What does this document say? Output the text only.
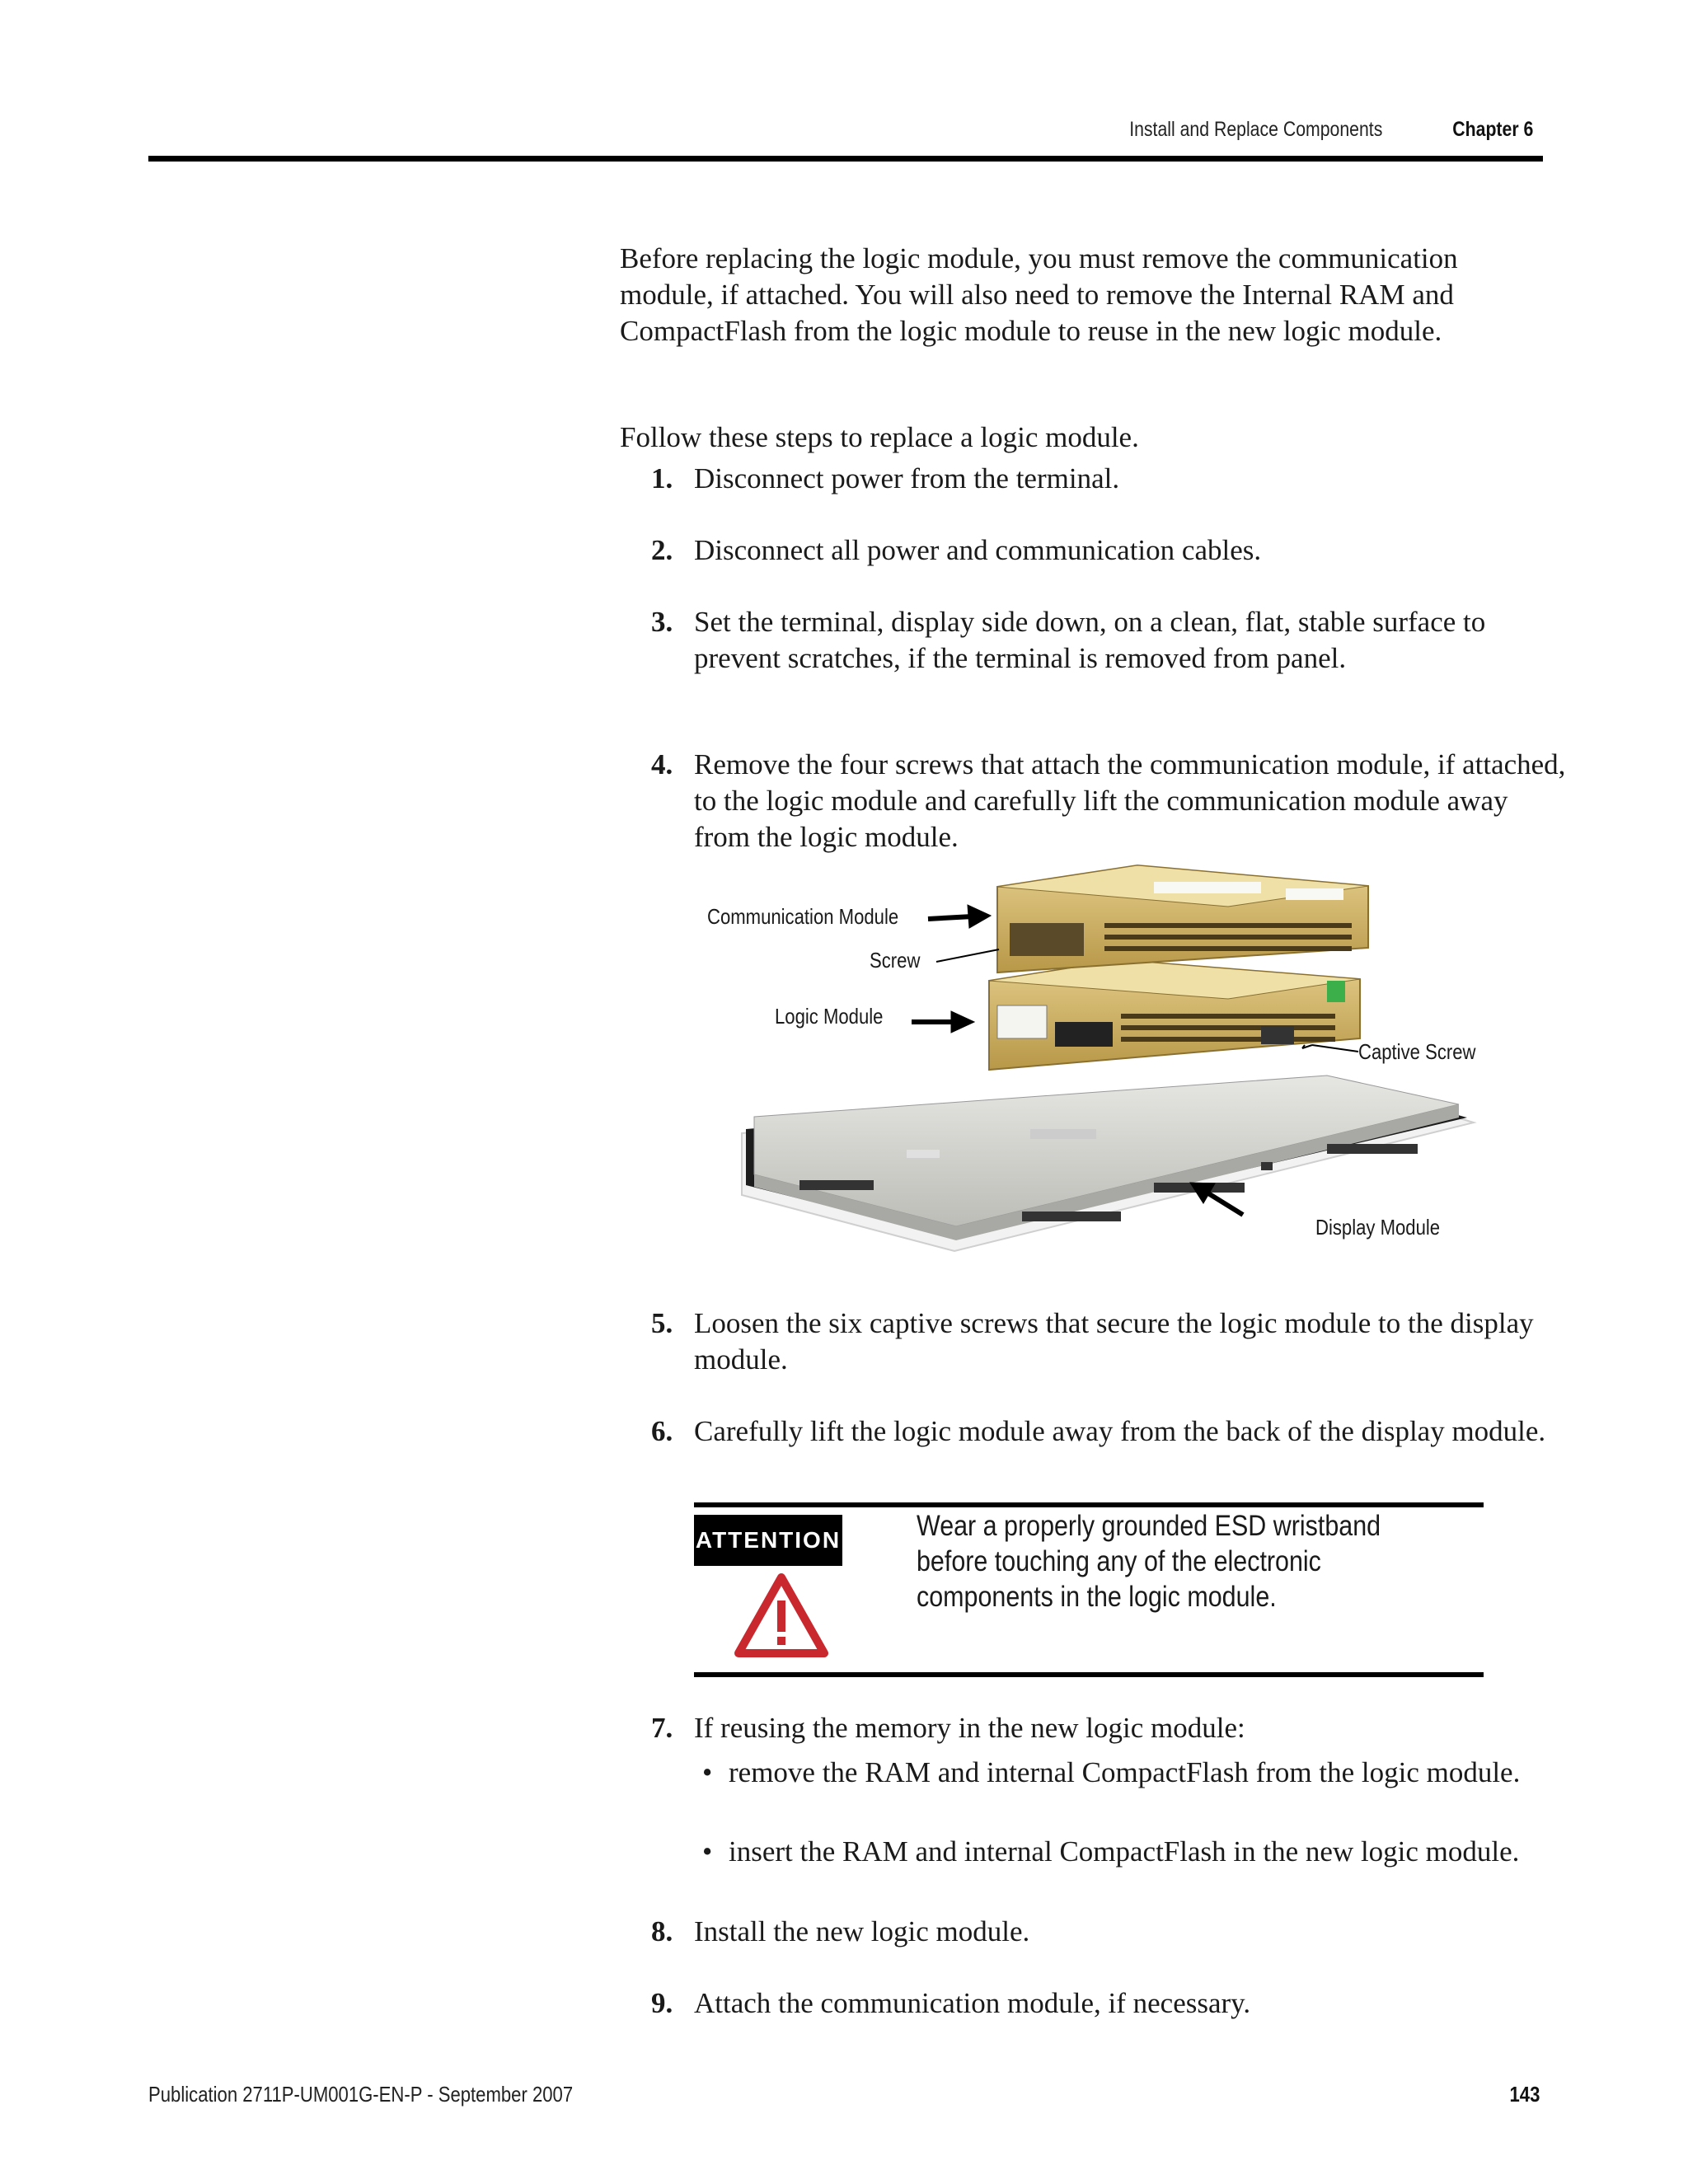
Install and Replace Components	Chapter 6
Before replacing the logic module, you must remove the communication module, if attached. You will also need to remove the Internal RAM and CompactFlash from the logic module to reuse in the new logic module.
Follow these steps to replace a logic module.
1. Disconnect power from the terminal.
2. Disconnect all power and communication cables.
3. Set the terminal, display side down, on a clean, flat, stable surface to prevent scratches, if the terminal is removed from panel.
4. Remove the four screws that attach the communication module, if attached, to the logic module and carefully lift the communication module away from the logic module.
Communication Module
Screw
Logic Module
Captive Screw
Display Module
5. Loosen the six captive screws that secure the logic module to the display module.
6. Carefully lift the logic module away from the back of the display module.
ATTENTION	Wear a properly grounded ESD wristband before touching any of the electronic components in the logic module.
7. If reusing the memory in the new logic module:
• remove the RAM and internal CompactFlash from the logic module.
• insert the RAM and internal CompactFlash in the new logic module.
8. Install the new logic module.
9. Attach the communication module, if necessary.
Publication 2711P-UM001G-EN-P - September 2007	143
